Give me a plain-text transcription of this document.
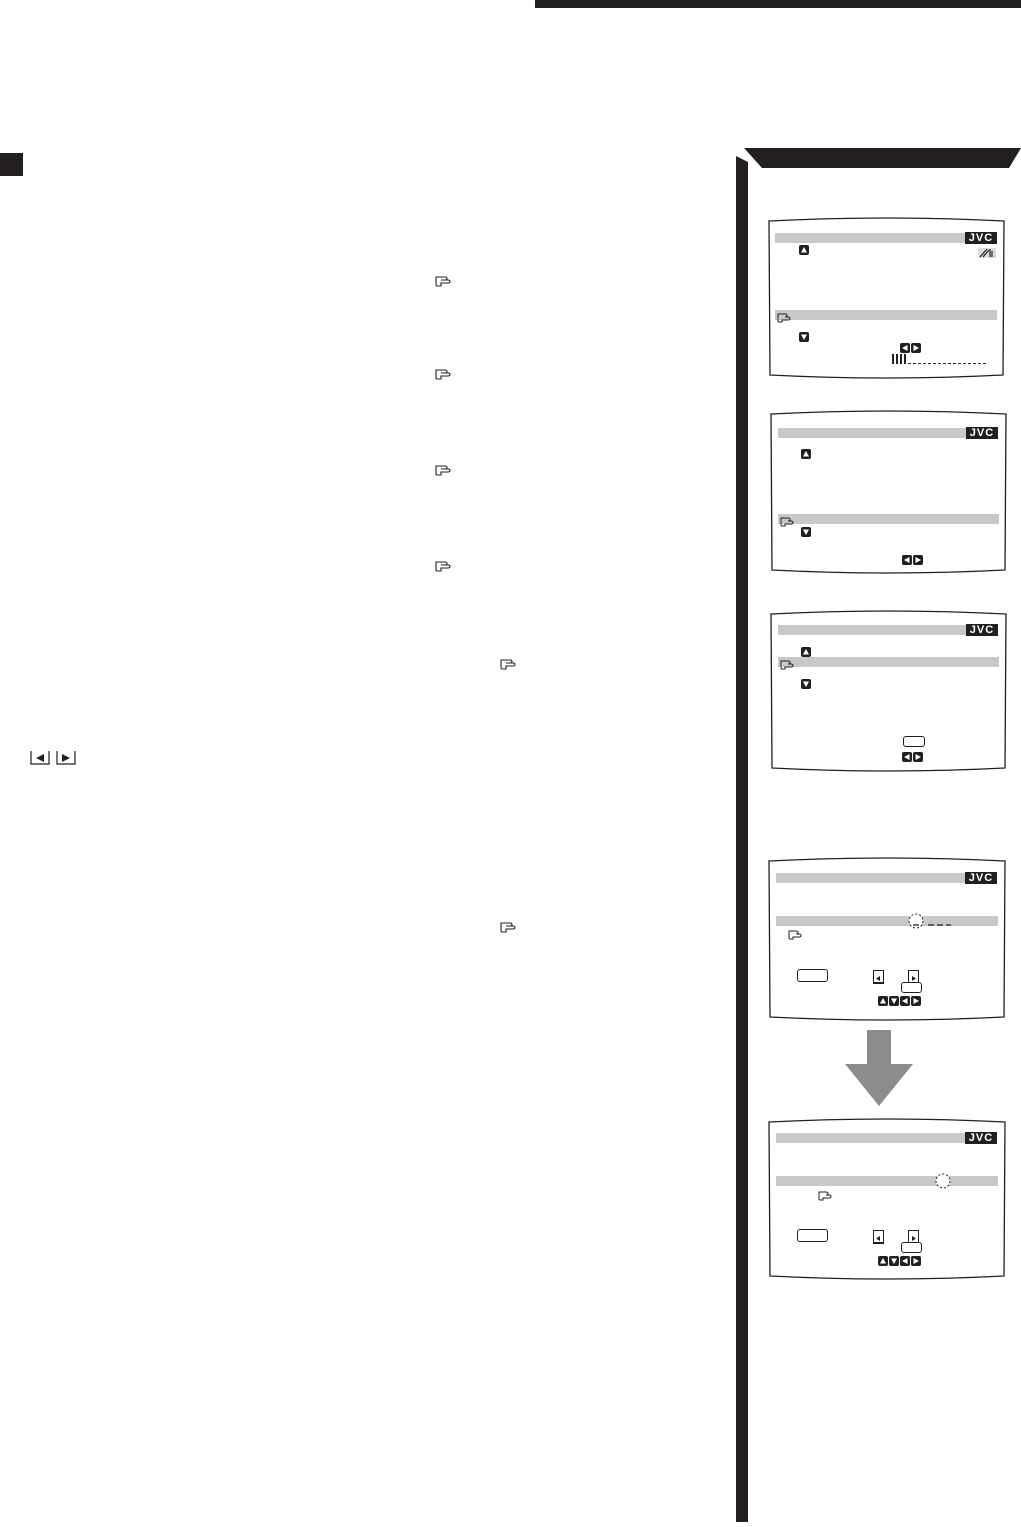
JVC
JVC
JVC
JVC
JVC
